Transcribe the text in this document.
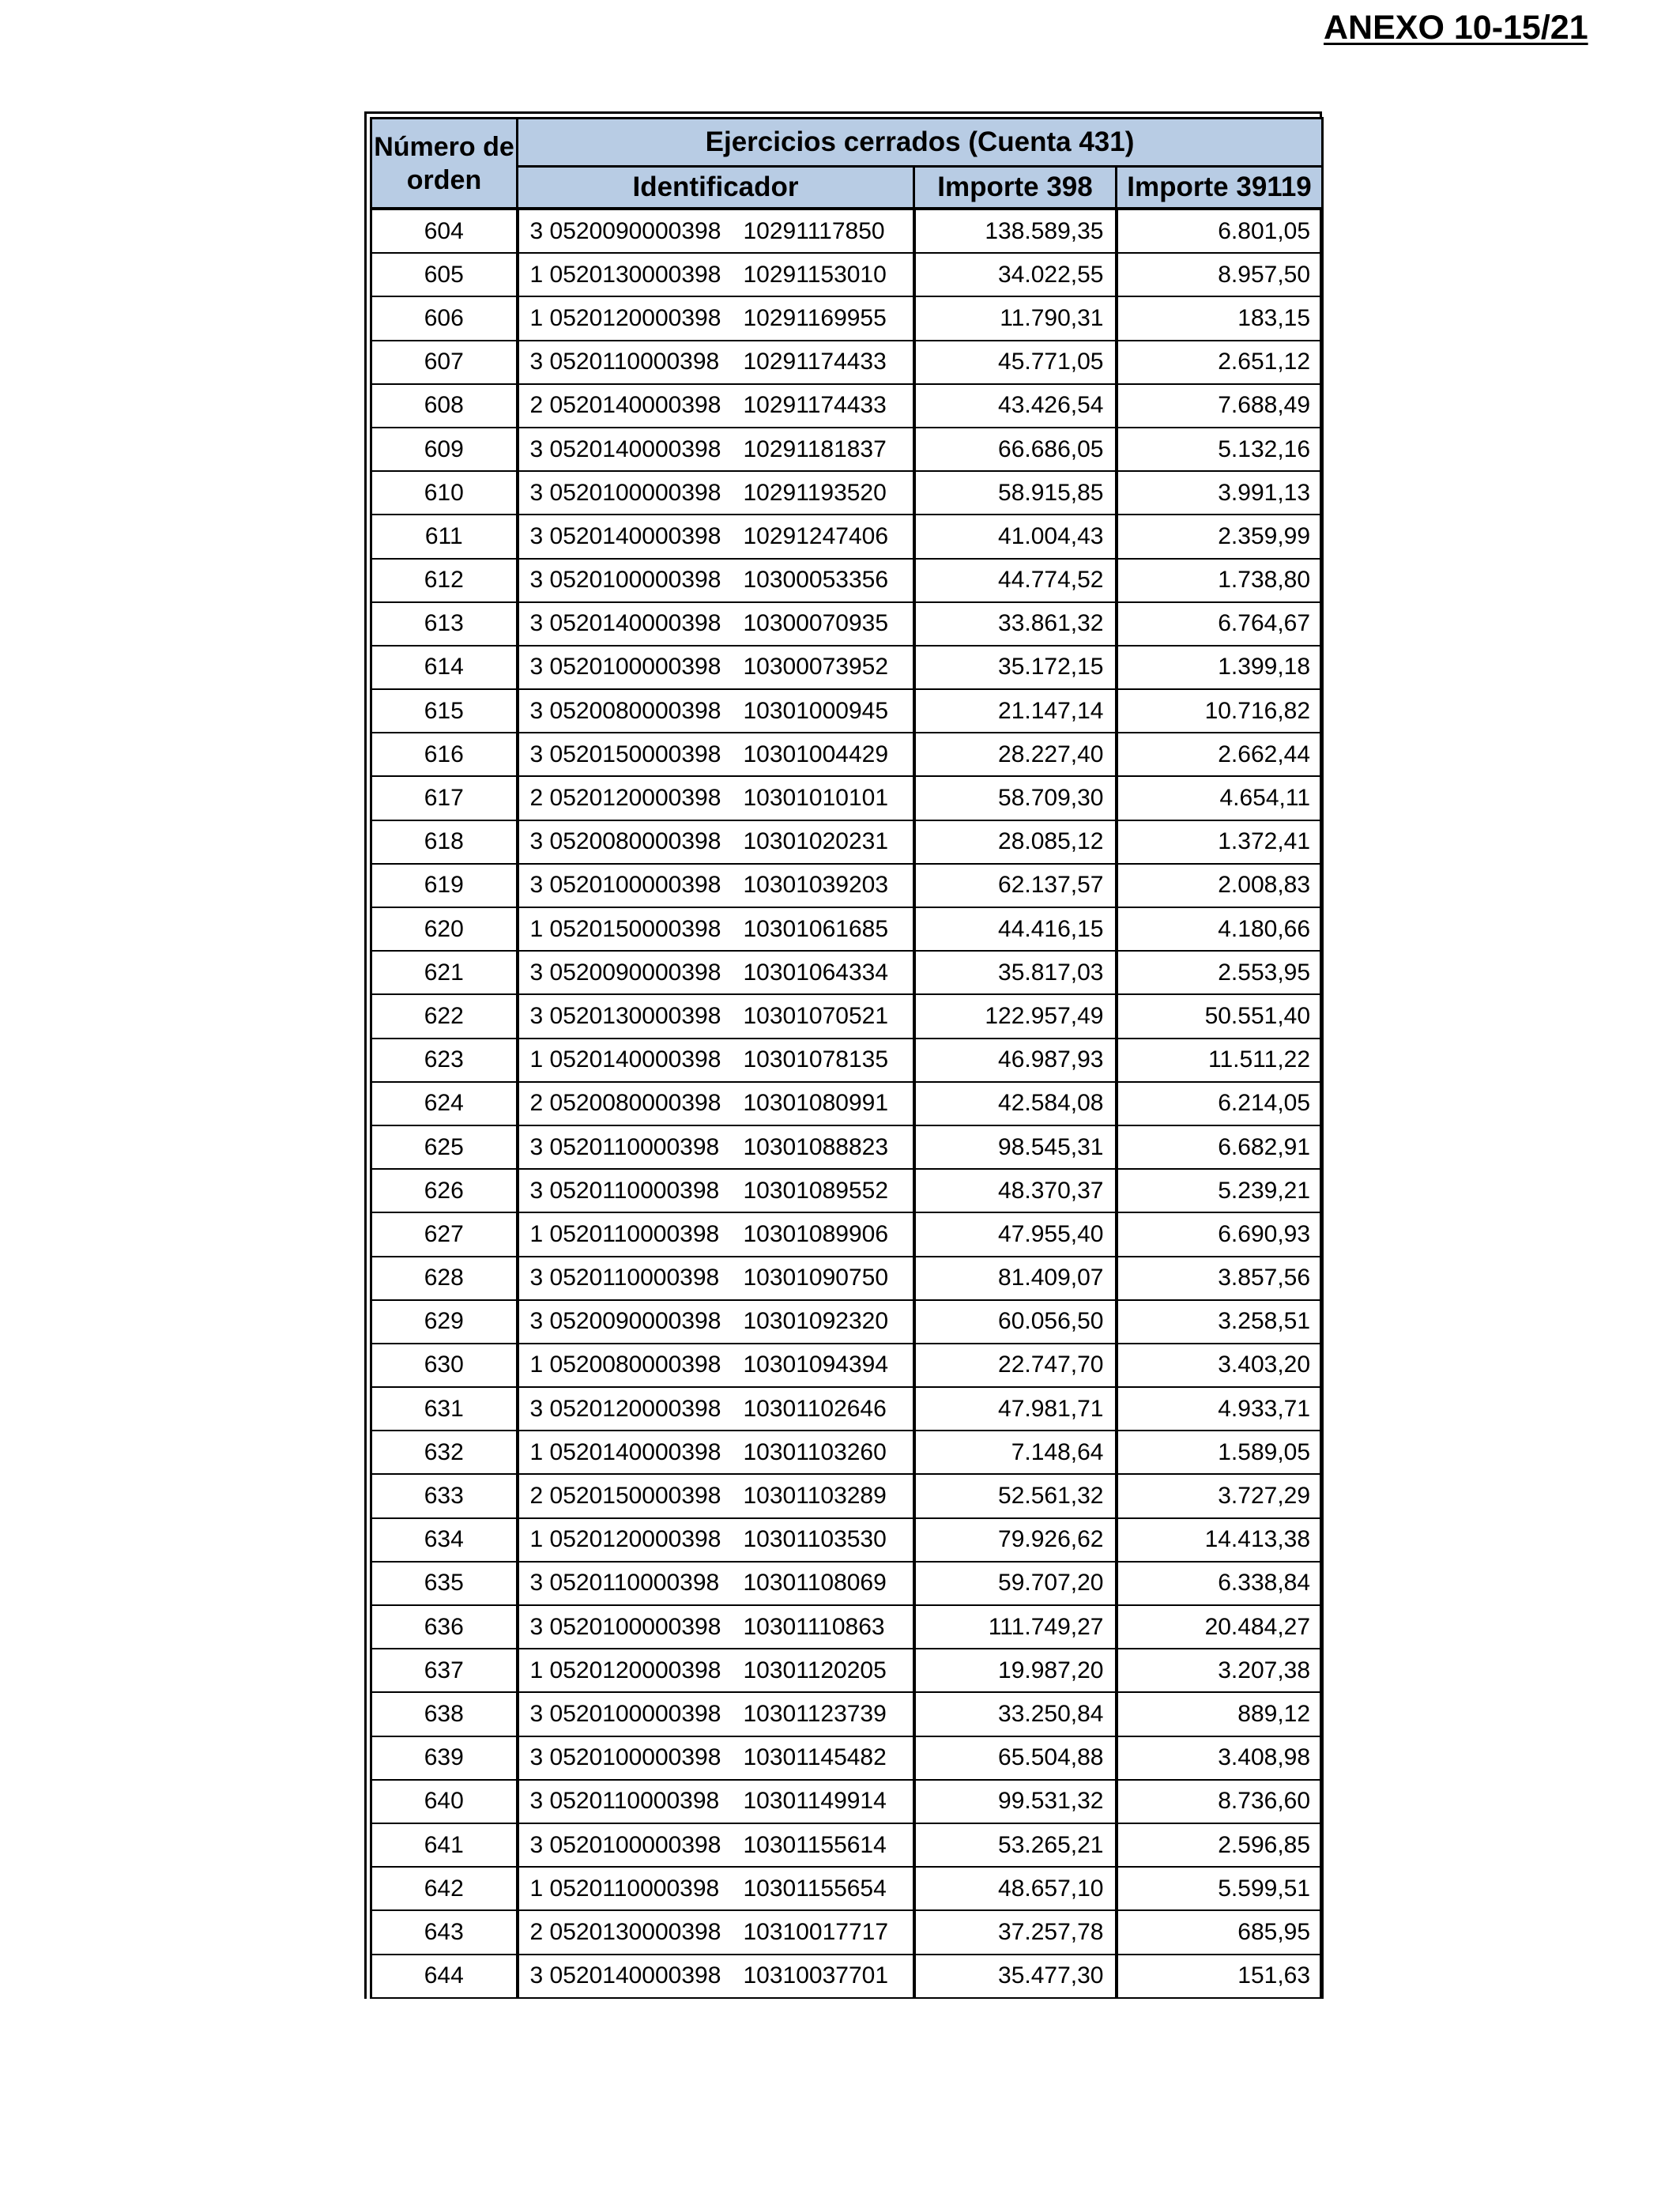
ANEXO 10-15/21
Número de orden	Ejercicios cerrados (Cuenta 431)		
	Identificador	Importe 398	Importe 39119
604	3 0520090000398 10291117850	138.589,35	6.801,05
605	1 0520130000398 10291153010	34.022,55	8.957,50
606	1 0520120000398 10291169955	11.790,31	183,15
607	3 0520110000398 10291174433	45.771,05	2.651,12
608	2 0520140000398 10291174433	43.426,54	7.688,49
609	3 0520140000398 10291181837	66.686,05	5.132,16
610	3 0520100000398 10291193520	58.915,85	3.991,13
611	3 0520140000398 10291247406	41.004,43	2.359,99
612	3 0520100000398 10300053356	44.774,52	1.738,80
613	3 0520140000398 10300070935	33.861,32	6.764,67
614	3 0520100000398 10300073952	35.172,15	1.399,18
615	3 0520080000398 10301000945	21.147,14	10.716,82
616	3 0520150000398 10301004429	28.227,40	2.662,44
617	2 0520120000398 10301010101	58.709,30	4.654,11
618	3 0520080000398 10301020231	28.085,12	1.372,41
619	3 0520100000398 10301039203	62.137,57	2.008,83
620	1 0520150000398 10301061685	44.416,15	4.180,66
621	3 0520090000398 10301064334	35.817,03	2.553,95
622	3 0520130000398 10301070521	122.957,49	50.551,40
623	1 0520140000398 10301078135	46.987,93	11.511,22
624	2 0520080000398 10301080991	42.584,08	6.214,05
625	3 0520110000398 10301088823	98.545,31	6.682,91
626	3 0520110000398 10301089552	48.370,37	5.239,21
627	1 0520110000398 10301089906	47.955,40	6.690,93
628	3 0520110000398 10301090750	81.409,07	3.857,56
629	3 0520090000398 10301092320	60.056,50	3.258,51
630	1 0520080000398 10301094394	22.747,70	3.403,20
631	3 0520120000398 10301102646	47.981,71	4.933,71
632	1 0520140000398 10301103260	7.148,64	1.589,05
633	2 0520150000398 10301103289	52.561,32	3.727,29
634	1 0520120000398 10301103530	79.926,62	14.413,38
635	3 0520110000398 10301108069	59.707,20	6.338,84
636	3 0520100000398 10301110863	111.749,27	20.484,27
637	1 0520120000398 10301120205	19.987,20	3.207,38
638	3 0520100000398 10301123739	33.250,84	889,12
639	3 0520100000398 10301145482	65.504,88	3.408,98
640	3 0520110000398 10301149914	99.531,32	8.736,60
641	3 0520100000398 10301155614	53.265,21	2.596,85
642	1 0520110000398 10301155654	48.657,10	5.599,51
643	2 0520130000398 10310017717	37.257,78	685,95
644	3 0520140000398 10310037701	35.477,30	151,63
